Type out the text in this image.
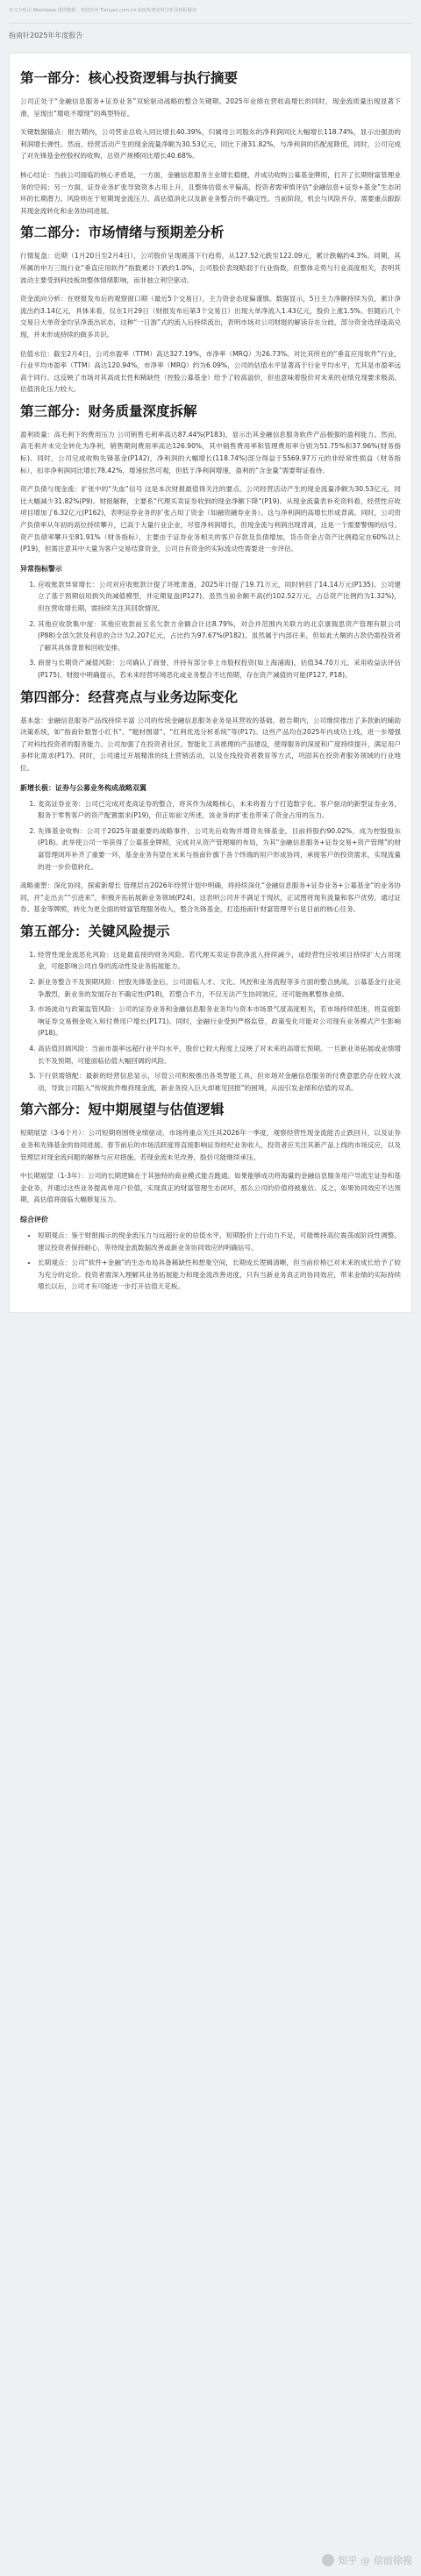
本文分析由 Moonbase 提供数据，欢迎访问 Tianyan.com.cn 获取免费实时分析及财报解读
指南针2025年年度报告
第一部分：核心投资逻辑与执行摘要

公司正处于“金融信息服务+证券业务”双轮驱动战略的整合关键期。2025年业绩在营收高增长的同时，现金流质量出现显著下滑，呈现出“增收不增现”的典型特征。

关键数据锚点：报告期内，公司营业总收入同比增长40.39%，归属母公司股东的净利润同比大幅增长118.74%，显示出强劲的利润增长弹性。然而，经营活动产生的现金流量净额为30.53亿元，同比下滑31.82%，与净利润的匹配度降低。同时，公司完成了对先锋基金控股权的收购，总资产规模同比增长40.68%。

核心结论：当前公司面临的核心矛盾是，一方面，金融信息服务主业增长稳健，并成功收购公募基金牌照，打开了长期财富管理业务的空间；另一方面，证券业务扩张导致资本占用上升，且整体估值水平偏高，投资者需审慎评估“金融信息+证券+基金”生态闭环的长期潜力。风险则在于短期现金流压力、高估值消化以及新业务整合的不确定性。当前阶段，机会与风险并存，需要重点跟踪其现金流转化和业务协同进展。

第二部分：市场情绪与预期差分析

行情复盘：近期（1月20日至2月4日），公司股价呈现震荡下行趋势，从127.52元跌至122.09元，累计跌幅约4.3%。同期，其所属的申万三级行业“垂直应用软件”指数累计下跌约1.0%，公司股价表现略弱于行业指数，但整体走势与行业高度相关，表明其波动主要受到科技板块整体情绪影响，而非独立利空驱动。

资金流向分析：在财报发布后的观察窗口期（最近5个交易日），主力资金态度偏谨慎。数据显示，5日主力净额持续为负，累计净流出约3.14亿元，具体来看，仅在1月29日（财报发布后第3个交易日）出现大单净流入1.43亿元，股价上涨1.5%。但随后几个交易日大单资金均呈净流出状态，这种“一日游”式的流入后持续流出，表明市场对公司财报的解读存在分歧，部分资金选择逢高兑现，并未形成持续的做多共识。

估值水位：截至2月4日，公司市盈率（TTM）高达327.19%，市净率（MRQ）为26.73%。对比其所在的“垂直应用软件”行业，行业平均市盈率（TTM）高达120.94%，市净率（MRQ）约为6.09%，公司的估值水平显著高于行业平均水平，尤其是市盈率远高于同行。这反映了市场对其高成长性和稀缺性（控股公募基金）给予了较高溢价，但也意味着股价对未来的业绩兑现要求极高。估值消化压力较大。

第三部分：财务质量深度拆解

盈利质量：高毛利下的费用压力 公司销售毛利率高达87.44%(P183)，显示出其金融信息服务软件产品极强的盈利能力。然而，高毛利并未完全转化为净利，销售期间费用率高达126.90%，其中销售费用率和管理费用率分别为51.75%和37.96%(财务指标)。同时，公司完成收购先锋基金(P142)，净利润的大幅增长(118.74%)部分得益于5569.97万元的非经常性损益（财务指标），扣非净利润同比增长78.42%，增速依然可观，但低于净利润增速，盈利的“含金量”需要辩证看待。

资产负债与现金流：扩张中的“失血”信号 这是本次财报最值得关注的要点。公司经营活动产生的现金流量净额为30.53亿元，同比大幅减少31.82%(P9)。财报解释，主要系“代理买卖证券收到的现金净额下降”(P19)。从现金流量表补充资料看，经营性应收项目增加了6.32亿元(P162)，表明证券业务的扩张占用了资金（如融资融券业务）。这与净利润的高增长形成背离。同时，公司资产负债率从年初的高位持续攀升，已高于大量行业企业，尽管净利润增长，但现金流与利润出现背离，这是一个需要警惕的信号。资产负债率攀升至81.91%（财务指标），主要由于证券业务相关的客户存款及负债增加，货币资金占资产比例稳定在60%以上(P19)，但需注意其中大量为客户交易结算资金，公司自有资金的实际流动性需要进一步评估。

异常指标警示
1. 应收账款异常增长：公司对应收账款计提了坏账准备，2025年计提了19.71万元，同时转回了14.14万元(P135)。公司建立了基于预期信用损失的减值模型，并定期复盘(P127)。虽然当前余额不高(约102.52万元，占总资产比例约为1.32%)，但在营收增长期，需持续关注其回款情况。
2. 其他应收款集中度：其他应收款前五名欠款方余额合计达8.79%，对合并范围内关联方的北京康瑞思资产管理有限公司(P88)全部欠款及利息的合计为2.207亿元，占比约为97.67%(P182)。虽然属于内部往来，但如此大额的占款仍需投资者了解其具体背景和回收安排。
3. 商誉与长期资产减值风险：公司确认了商誉，并持有部分非上市股权投资(如上海浦海)，估值34.70万元。采用收益法评估(P175)，财报中明确提示，若未来经营环境恶化或业务整合不达预期，存在资产减值的可能(P127, P18)。
第四部分：经营亮点与业务边际变化

基本盘：金融信息服务产品线持续丰富 公司的传统金融信息服务业务是其营收的基础。报告期内，公司继续推出了多款新的辅助决策系统，如“指南针数智小红书”、“题材图谱”、“红利优选分析系统”等(P17)。这些产品均在2025年内成功上线，进一步增强了对科技投资者的服务能力。公司加强了在投资者社区、智能化工具推理的产品建设，使得服务的深度和广度持续提升，满足用户多样化需求(P17)。同时，公司通过开展精准的线上营销活动，以及在线投资者教育等方式，巩固其在投资者服务领域的行业地位。

新增长极：证券与公募业务构成战略双翼
1. 麦高证券业务：公司已完成对麦高证券的整合，将其作为战略核心，未来将着力于打造数字化、客户驱动的新型证券业务，服务于零售客户的资产配置需求(P19)，但正如前文所述，该业务的扩张也带来了资金占用的压力。
2. 先锋基金收购：公司于2025年最重要的战略事件，公司先后收购并增资先锋基金，目前持股约90.02%，成为控股股东(P18)。此举使公司一举获得了公募基金牌照，完成对从资产管理端的布局，为其“金融信息服务+证券交易+资产管理”的财富管理闭环补齐了重要一环，基金业务有望在未来与指南针旗下各个终端的用户形成协同，承接客户的投资需求，实现流量的进一步价值转化。

战略重塑：深化协同，探索新增长 管理层在2026年经营计划中明确，将持续深化“金融信息服务+证券业务+公募基金”的业务协同，并“走出去”“引进来”，积极开拓拓展新业务领域(P24)。这表明公司并不满足于现状，正试图将现有流量和客户优势，通过证券、基金等牌照，转化为更全面的财富管理服务收入，整合先锋基金，打造指南针财富管理平台是目前的核心任务。

第五部分：关键风险提示
1. 经营性现金流恶化风险：这是最直接的财务风险。若代理买卖证券款净流入持续减少，或经营性应收项目持续扩大占用现金，可能影响公司自身的流动性及业务拓展能力。
2. 新业务整合不及预期风险：控股先锋基金后，公司面临人才、文化、风控和业务流程等多方面的整合挑战。公募基金行业竞争激烈，新业务的发展存在不确定性(P18)，若整合不力，不仅无法产生协同效应，还可能拖累整体业绩。
3. 市场波动与政策监管风险：公司的证券业务和金融信息服务业务均与资本市场景气度高度相关，若市场持续低迷，将直接影响证券交易佣金收入和付费用户增长(P171)。同时，金融行业受到严格监管，政策变化可能对公司现有业务模式产生影响(P18)。
4. 高估值回调风险：当前市盈率远超行业平均水平，股价已较大程度上反映了对未来的高增长预期。一旦新业务拓展或业绩增长不及预期，可能面临估值大幅回调的风险。
5. 下行供需错配：最新的经营信息显示，尽管公司积极推出各类智能工具，但市场对金融信息服务的付费意愿仍存在较大波动，导致公司陷入“传统软件维持现金流，新业务投入巨大却难见回报”的困境，从而引发业绩和估值的双杀。
第六部分：短中期展望与估值逻辑

短期展望（3-6个月）：公司短期将围绕业绩驱动，市场将重点关注其2026年一季度，观察经营性现金流能否止跌回升，以及证券业务和先锋基金的协同进展。春节前后的市场活跃度将直接影响证券经纪业务收入，投资者应关注其新产品上线的市场反应，以及管理层对现金流问题的解释与应对措施。若现金流未见改善，股价可能继续承压。

中长期展望（1-3年）：公司的长期逻辑在于其独特的商业模式能否跑通。如果能够成功将海量的金融信息服务用户导流至证券和基金业务，并通过这些业务提高单用户价值，实现真正的财富管理生态闭环，那么公司的价值将被重估。反之，如果协同效应不达预期，高估值将面临大幅修复压力。

综合评价
• 短期观点：鉴于财报揭示的现金流压力与远超行业的估值水平，短期股价上行动力不足，可能维持高位震荡或阶段性调整。建议投资者保持耐心，等待现金流数据改善或新业务协同效应的明确信号。
• 长期观点：公司“软件+金融”的生态布局具备稀缺性和想象空间，长期成长逻辑清晰，但当前价格已对未来的成长给予了较为充分的定价。投资者需深入理解其业务拓展能力和现金流改善进度，只有当新业务真正的协同效应，带来业绩的实际持续增长以后，公司才有可能进一步打开估值天花板。
知乎 @ 信而徐视
